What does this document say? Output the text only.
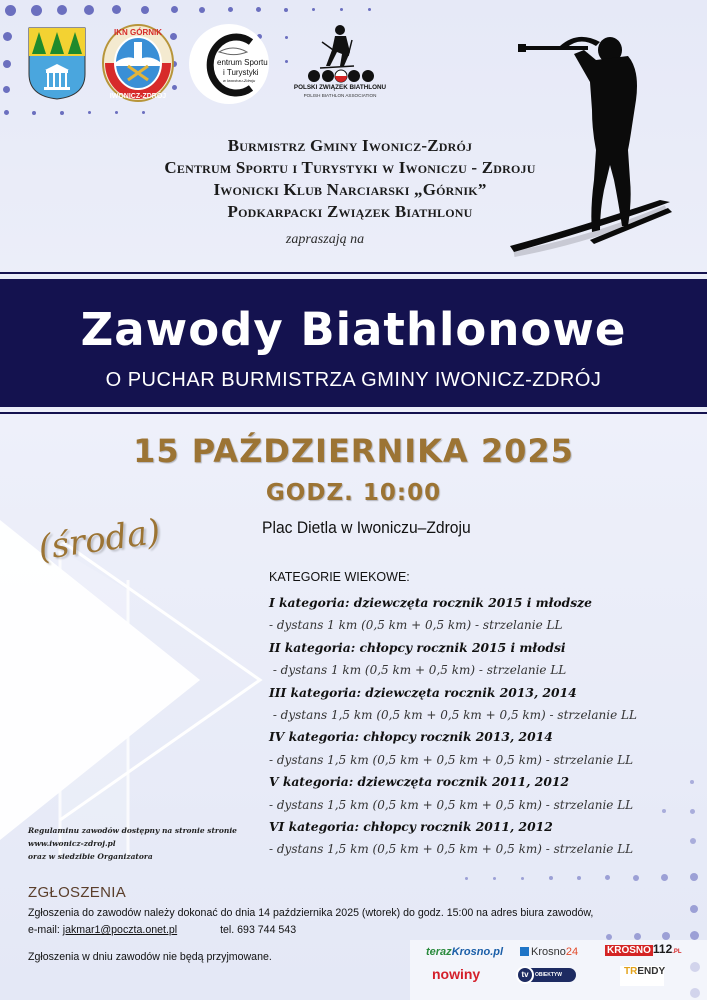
IKN GÓRNIK
IWONICZ-ZDRÓJ
entrum Sportu
i Turystyki
w Iwoniczu-Zdroju
POLSKI ZWIĄZEK BIATHLONU
POLISH BIATHLON ASSOCIATION
Burmistrz Gminy Iwonicz-Zdrój
Centrum Sportu i Turystyki w Iwoniczu - Zdroju
Iwonicki Klub Narciarski „Górnik”
Podkarpacki Związek Biathlonu
zapraszają na
Zawody Biathlonowe
O PUCHAR BURMISTRZA GMINY IWONICZ-ZDRÓJ
15 PAŹDZIERNIKA 2025
GODZ. 10:00
(środa)	Plac Dietla w Iwoniczu–Zdroju
KATEGORIE WIEKOWE:
I kategoria: dziewczęta rocznik 2015 i młodsze
- dystans 1 km (0,5 km + 0,5 km) - strzelanie LL
II kategoria: chłopcy rocznik 2015 i młodsi
- dystans 1 km (0,5 km + 0,5 km) - strzelanie LL
III kategoria: dziewczęta rocznik 2013, 2014
- dystans 1,5 km (0,5 km + 0,5 km + 0,5 km) - strzelanie LL
IV kategoria: chłopcy rocznik 2013, 2014
- dystans 1,5 km (0,5 km + 0,5 km + 0,5 km) - strzelanie LL
V kategoria: dziewczęta rocznik 2011, 2012
- dystans 1,5 km (0,5 km + 0,5 km + 0,5 km) - strzelanie LL
VI kategoria: chłopcy rocznik 2011, 2012
- dystans 1,5 km (0,5 km + 0,5 km + 0,5 km) - strzelanie LL
Regulaminu zawodów dostępny na stronie stronie
www.iwonicz-zdroj.pl
oraz w siedzibie Organizatora
ZGŁOSZENIA
Zgłoszenia do zawodów należy dokonać do dnia 14 października 2025 (wtorek) do godz. 15:00 na adres biura zawodów,
e-mail: jakmar1@poczta.onet.pl	tel. 693 744 543
Zgłoszenia w dniu zawodów nie będą przyjmowane.	terazKrosno.pl	Krosno24	KROSNO 112.PL
nowiny	tv	OBIEKTYW	TRENDY
